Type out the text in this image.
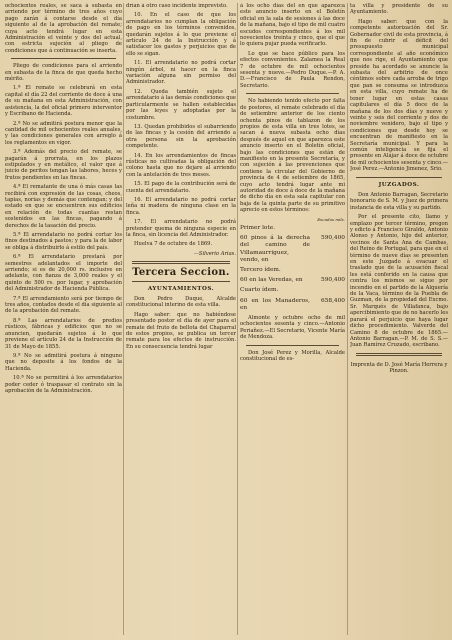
ochocientos reales, se saca á subasta en arriendo por término de tres años cuyo pago zarán á contarse desde el día siguiente al de la aprobación del remate; cuya acto tendrá lugar en esta Administración el veinte y dos del actual, con estricta sujeción al pliego de condiciones que á continuación se inserta.

Pliego de condiciones para el arriendo en subasta de la finca de que queda hecho mérito.

1.ª El remate se celebrará en esta capital el día 22 del corriente de doce á una de su mañana en esta Administración, con asistencia, la del oficial primero interventor y Escribano de Hacienda.

2.ª No se admitirá postura menor que la cantidad de mil ochocientos reales anuales, y las condiciones generales con arreglo á los reglamentos en vigor.

3.ª Además del precio del remate, se pagarán á prorrata, en los plazos estipulados y en metálico, el valor que á juicio de peritos tengan las labores, heces y frutos pendientes en las fincas.

4.ª El rematante de una ó más casas las recibirá con expresión de las cosas, cheos, tapias, norias y demás que contengan; y del estado en que se encuentren sus edificios en relación de todas cuantas restan sostenidos en las fincas, pagando á derechos de la tasación del precio.

5.ª El arrendatario no podrá cortar los finos destinados á pastos; y para la de labor se obliga á distribuirlo á estilo del país.

6.ª El arrendatario prestará por semestres adelantados el importe del arriendo; si es de 20,000 rs. inclusive en adelante, con fianza de 3,000 reales y el quinto de 500 rs. por lugar, y aprobación del Administrador de Hacienda Pública.

7.ª El arrendamiento será por tiempo de tres años, contados desde el día siguiente al de la aprobación del remate.

8.ª Las arrendatarios de predios rústicos, fábricas y edificios que no se anuncien, quedarán sujetos á lo que previene el artículo 24 de la Instrucción de 31 de Mayo de 1855.

9.ª No se admitirá postura á ninguno que no deposite á los fondos de la Hacienda.

10.ª No se permitirá á los arrendatarios poder ceder ó traspasar el contrato sin la aprobación de la Administración.

drían á otro caso incidente imprevisto.

10. En el caso de que los arrendatarios no cumplan la obligación de pago en los términos convenidos, quedarán sujetos á lo que previene el artículo 24 de la Instrucción y á satisfacer los gastos y perjuicios que de ello se sigan.

11. El arrendatario no podrá cortar ningún árbol, ni hacer en la finca variación alguna sin permiso del Administrador.

12. Queda también sujeto el arrendatario á las demás condiciones que particularmente se hallen establecidas por las leyes y adoptadas por la costumbre.

13. Quedan prohibidos el subarriendo de las fincas y la cesión del arriendo a otra persona sin la aprobación competente.

14. En los arrendamientos de fincas rústicas no cultivadas la obligación del colono hasta que no dejare al arriendo con la antelación de tres meses.

15. El pago de la contribución será de cuenta del arrendatario.

16. El arrendatario no podrá cortar leña ni madera de ninguna clase en la finca.

17. El arrendatario no podrá pretender quema de ninguna especie en la finca, sin licencia del Administrador.

Huelva 7 de octubre de 1869.

—Silverio Arias.
Tercera Seccion.
AYUNTAMIENTOS.

Don Pedro Duque, Alcalde constitucional interino de esta villa.

Hago saber: que no habiéndose presentado postor el día de ayer para el remate del fruto de bellota del Chaparral de estos propios, se publica un tercer remate para los efectos de instrucción. En su consecuencia tendrá lugar

á los ocho días del en que aparezca este anuncio inserto en el Boletín oficial en la sala de sesiones á las doce de la mañana, bajo el tipo de mil cuatro escudos correspondientes á los mil novecientos treinta y cinco, que el que lo quiera pujar pueda verificarlo.

Lo que se hace público para los efectos convenientes. Zalamea la Real 7 de octubre de mil ochocientos sesenta y nueve.—Pedro Duque.—P. A. D.—Francisco de Paula Rendon, Secretario.

No habiendo tenido efecto por falta de postores, el remate celebrado el día de setiembre anterior de los ciento ochenta pinos de tablazon de los propios de esta villa en tres lotes, se sacan á nueva subasta ocho días después de aquel en que aparezca este anuncio inserto en el Boletín oficial, bajo las condiciones que están de manifiesto en la presente Secretaría, y con sujeción á las prevenciones que contiene la circular del Gobierno de provincia de 4 de setiembre de 1865, cuyo acto tendrá lugar ante mi autoridad de doce á doce de la mañana de dicho día en esta sala capitular con baja de la quinta parte de su primitivo aprecio en estos términos:

Escudos mils.
Primer lote.
60 pinos á la derecha del camino de Villamaurriguez, vendo, en
590,400
Tercero ídem.
60 en las Veredas, en	590,400
Cuarto ídem.
60 en los Manaderos, en
658,400

Almonte y octubre ocho de mil ochocientos sesenta y cinco.—Antonio Periañez.—El Secretario, Vicente María de Mendoza.

Don José Perez y Morilla, Alcalde constitucional de es-

ta villa y presidente de su Ayuntamiento.

Hago saber: que con la competente autorización del Sr. Gobernador civil de esta provincia, á fin de cubrir el déficit del presupuesto municipal correspondiente al año económico que nos rige, el Ayuntamiento que preside ha acordado se anuncie la subasta del arbitrio de once céntimos sobre cada arroba de trigo que pan se consuma se introduzca en esta villa, cuyo remate ha de tener lugar en estas casas capitulares el día 5 doce de la mañana de los dos días y nueve y veinte y seis del corriente y dos de noviembre venidero, bajo el tipo y condiciones que desde hoy se encuentran de manifiesto en la Secretaría municipal. Y para la común inteligencia se fija el presente en Alájar á doce de octubre de mil ochocientos sesenta y cinco.—José Perez.—Antonio Jimenez, Srio.

JUZGADOS.

Don Antonio Barragan, Secretario honorario de S. M. y Juez de primera instancia de esta villa y su partido.

Por el presente cito, llamo y emplazo por tercer término, pregon y edicto á Francisco Giraldo, Antonio Alonso y Antonio, hijo del anterior, vecinos de Santa Ana de Cambas, del Reino de Portugal, para que en el término de nueve días se presenten en este Juzgado á evacuar el traslado que de la acusación fiscal les está conferido en la causa que contra los mismos se sigue por incendio en el partido de la Alquería de la Vaca, término de la Puebla de Guzman, de la propiedad del Excmo. Sr. Marqués de Villafanca, bajo apercibimiento que de no hacerlo les parará el perjuicio que haya lugar dicho procedimiento. Valverde del Camino 8 de octubre de 1865.—Antonio Barragan.—P. M. de S. S.—Juan Ramírez Cruzado, escribano.

Imprenta de D. José María Herrera y Pinzon.
